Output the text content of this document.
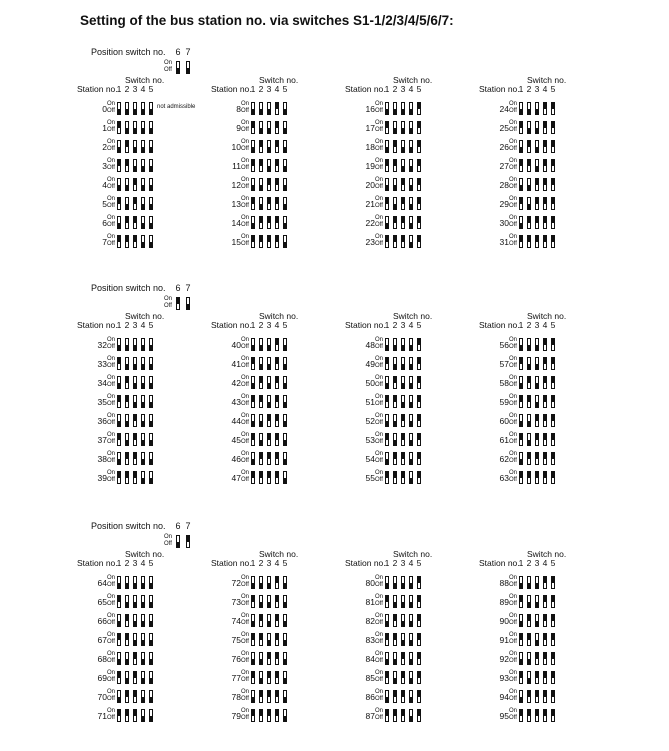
Setting of the bus station no. via switches S1-1/2/3/4/5/6/7:
Position switch no. 6 7
On
Off
Switch no.
Station no.
1 2 3 4 5
0 On
Off
not admissible
1 On
Off
2 On
Off
3 On
Off
4 On
Off
5 On
Off
6 On
Off
7 On
Off
Switch no.
Station no.
1 2 3 4 5
8 On
Off
9 On
Off
10 On
Off
11 On
Off
12 On
Off
13 On
Off
14 On
Off
15 On
Off
Switch no.
Station no.
1 2 3 4 5
16 On
Off
17 On
Off
18 On
Off
19 On
Off
20 On
Off
21 On
Off
22 On
Off
23 On
Off
Switch no.
Station no.
1 2 3 4 5
24 On
Off
25 On
Off
26 On
Off
27 On
Off
28 On
Off
29 On
Off
30 On
Off
31 On
Off
Position switch no. 6 7
On
Off
Switch no.
Station no.
1 2 3 4 5
32 On
Off
33 On
Off
34 On
Off
35 On
Off
36 On
Off
37 On
Off
38 On
Off
39 On
Off
Switch no.
Station no.
1 2 3 4 5
40 On
Off
41 On
Off
42 On
Off
43 On
Off
44 On
Off
45 On
Off
46 On
Off
47 On
Off
Switch no.
Station no.
1 2 3 4 5
48 On
Off
49 On
Off
50 On
Off
51 On
Off
52 On
Off
53 On
Off
54 On
Off
55 On
Off
Switch no.
Station no.
1 2 3 4 5
56 On
Off
57 On
Off
58 On
Off
59 On
Off
60 On
Off
61 On
Off
62 On
Off
63 On
Off
Position switch no. 6 7
On
Off
Switch no.
Station no.
1 2 3 4 5
64 On
Off
65 On
Off
66 On
Off
67 On
Off
68 On
Off
69 On
Off
70 On
Off
71 On
Off
Switch no.
Station no.
1 2 3 4 5
72 On
Off
73 On
Off
74 On
Off
75 On
Off
76 On
Off
77 On
Off
78 On
Off
79 On
Off
Switch no.
Station no.
1 2 3 4 5
80 On
Off
81 On
Off
82 On
Off
83 On
Off
84 On
Off
85 On
Off
86 On
Off
87 On
Off
Switch no.
Station no.
1 2 3 4 5
88 On
Off
89 On
Off
90 On
Off
91 On
Off
92 On
Off
93 On
Off
94 On
Off
95 On
Off
